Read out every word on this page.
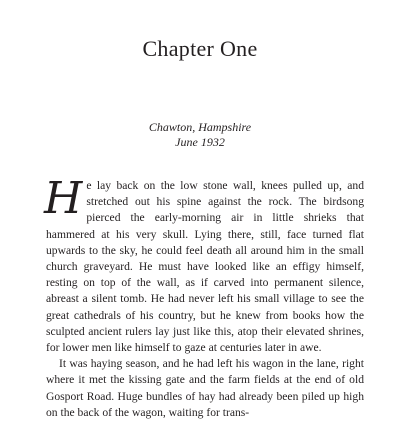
Chapter One
Chawton, Hampshire
June 1932

He lay back on the low stone wall, knees pulled up, and stretched out his spine against the rock. The birdsong pierced the early-morning air in little shrieks that hammered at his very skull. Lying there, still, face turned flat upwards to the sky, he could feel death all around him in the small church graveyard. He must have looked like an effigy himself, resting on top of the wall, as if carved into permanent silence, abreast a silent tomb. He had never left his small village to see the great cathedrals of his country, but he knew from books how the sculpted ancient rulers lay just like this, atop their elevated shrines, for lower men like himself to gaze at centuries later in awe.

It was haying season, and he had left his wagon in the lane, right where it met the kissing gate and the farm fields at the end of old Gosport Road. Huge bundles of hay had already been piled up high on the back of the wagon, waiting for trans-
